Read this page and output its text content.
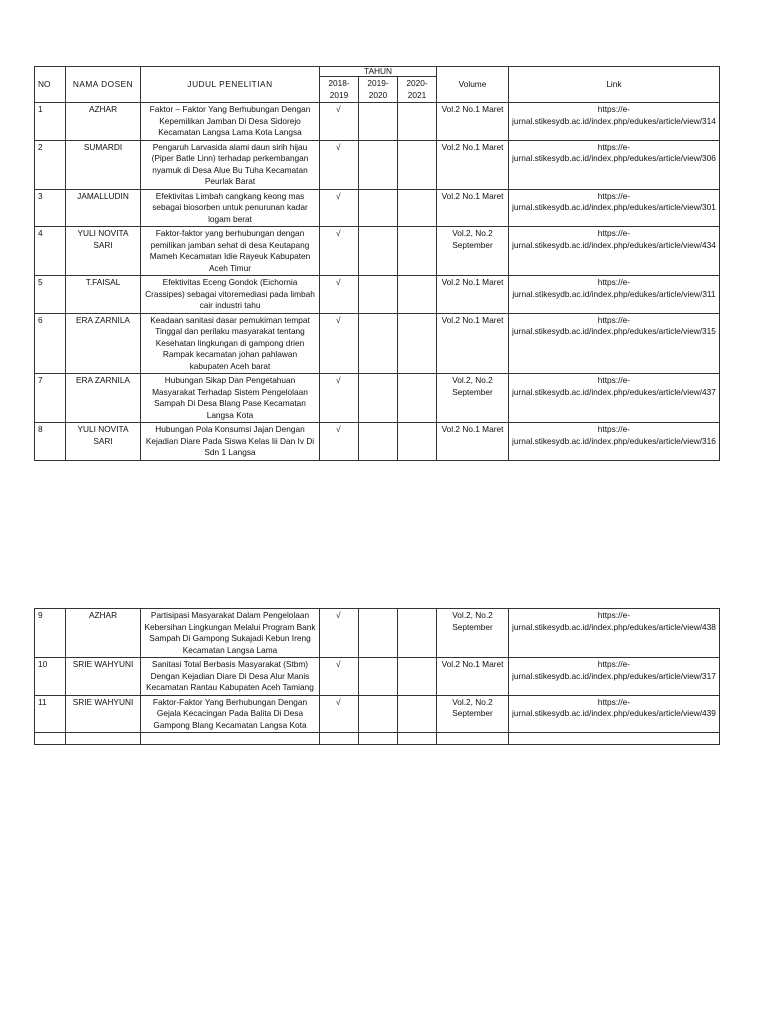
NO	NAMA DOSEN	JUDUL PENELITIAN	TAHUN			Volume	Link
			2018-2019	2019-2020	2020-2021		
1	AZHAR	Faktor – Faktor Yang Berhubungan Dengan Kepemilikan Jamban Di Desa Sidorejo Kecamatan Langsa Lama Kota Langsa	√			Vol.2 No.1 Maret	https://e-jurnal.stikesydb.ac.id/index.php/edukes/article/view/314
2	SUMARDI	Pengaruh Larvasida alami daun sirih hijau (Piper Batle Linn) terhadap perkembangan nyamuk di Desa Alue Bu Tuha Kecamatan Peurlak Barat	√			Vol.2 No.1 Maret	https://e-jurnal.stikesydb.ac.id/index.php/edukes/article/view/306
3	JAMALLUDIN	Efektivitas Limbah cangkang keong mas sebagai biosorben untuk penurunan kadar logam berat	√			Vol.2 No.1 Maret	https://e-jurnal.stikesydb.ac.id/index.php/edukes/article/view/301
4	YULI NOVITA SARI	Faktor-faktor yang berhubungan dengan pemilikan jamban sehat di desa Keutapang Mameh Kecamatan Idie Rayeuk Kabupaten Aceh Timur	√			Vol.2, No.2 September	https://e-jurnal.stikesydb.ac.id/index.php/edukes/article/view/434
5	T.FAISAL	Efektivitas Eceng Gondok (Eichornia Crassipes) sebagai vitoremediasi pada limbah cair industri tahu	√			Vol.2 No.1 Maret	https://e-jurnal.stikesydb.ac.id/index.php/edukes/article/view/311
6	ERA ZARNILA	Keadaan sanitasi dasar pemukiman tempat Tinggal dan perilaku masyarakat tentang Kesehatan lingkungan di gampong drien Rampak kecamatan johan pahlawan kabupaten Aceh barat	√			Vol.2 No.1 Maret	https://e-jurnal.stikesydb.ac.id/index.php/edukes/article/view/315
7	ERA ZARNILA	Hubungan Sikap Dan Pengetahuan Masyarakat Terhadap Sistem Pengelolaan Sampah Di Desa Blang Pase Kecamatan Langsa Kota	√			Vol.2, No.2 September	https://e-jurnal.stikesydb.ac.id/index.php/edukes/article/view/437
8	YULI NOVITA SARI	Hubungan Pola Konsumsi Jajan Dengan Kejadian Diare Pada Siswa Kelas Iii Dan Iv Di Sdn 1 Langsa	√			Vol.2 No.1 Maret	https://e-jurnal.stikesydb.ac.id/index.php/edukes/article/view/316
9	AZHAR	Partisipasi Masyarakat Dalam Pengelolaan Kebersihan Lingkungan Melalui Program Bank Sampah Di Gampong Sukajadi Kebun Ireng Kecamatan Langsa Lama	√			Vol.2, No.2 September	https://e-jurnal.stikesydb.ac.id/index.php/edukes/article/view/438
10	SRIE WAHYUNI	Sanitasi Total Berbasis Masyarakat (Stbm) Dengan Kejadian Diare Di Desa Alur Manis Kecamatan Rantau Kabupaten Aceh Tamiang	√			Vol.2 No.1 Maret	https://e-jurnal.stikesydb.ac.id/index.php/edukes/article/view/317
11	SRIE WAHYUNI	Faktor-Faktor Yang Berhubungan Dengan Gejala Kecacingan Pada Balita Di Desa Gampong Blang Kecamatan Langsa Kota	√			Vol.2, No.2 September	https://e-jurnal.stikesydb.ac.id/index.php/edukes/article/view/439
